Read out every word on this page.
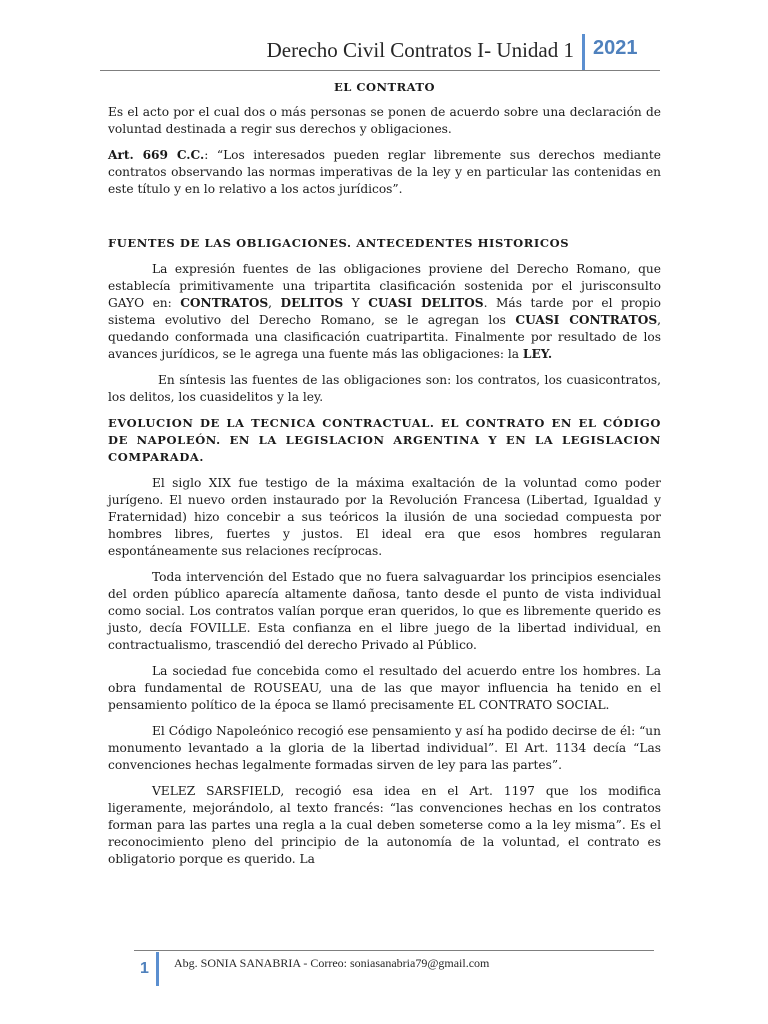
Derecho Civil Contratos I- Unidad 1 2021
EL CONTRATO

Es el acto por el cual dos o más personas se ponen de acuerdo sobre una declaración de voluntad destinada a regir sus derechos y obligaciones.

Art. 669 C.C.: “Los interesados pueden reglar libremente sus derechos mediante contratos observando las normas imperativas de la ley y en particular las contenidas en este título y en lo relativo a los actos jurídicos”.

FUENTES DE LAS OBLIGACIONES. ANTECEDENTES HISTORICOS

La expresión fuentes de las obligaciones proviene del Derecho Romano, que establecía primitivamente una tripartita clasificación sostenida por el jurisconsulto GAYO en: CONTRATOS, DELITOS Y CUASI DELITOS. Más tarde por el propio sistema evolutivo del Derecho Romano, se le agregan los CUASI CONTRATOS, quedando conformada una clasificación cuatripartita. Finalmente por resultado de los avances jurídicos, se le agrega una fuente más las obligaciones: la LEY.

En síntesis las fuentes de las obligaciones son: los contratos, los cuasicontratos, los delitos, los cuasidelitos y la ley.

EVOLUCION DE LA TECNICA CONTRACTUAL. EL CONTRATO EN EL CÓDIGO DE NAPOLEÓN. EN LA LEGISLACION ARGENTINA Y EN LA LEGISLACION COMPARADA.

El siglo XIX fue testigo de la máxima exaltación de la voluntad como poder jurígeno. El nuevo orden instaurado por la Revolución Francesa (Libertad, Igualdad y Fraternidad) hizo concebir a sus teóricos la ilusión de una sociedad compuesta por hombres libres, fuertes y justos. El ideal era que esos hombres regularan espontáneamente sus relaciones recíprocas.

Toda intervención del Estado que no fuera salvaguardar los principios esenciales del orden público aparecía altamente dañosa, tanto desde el punto de vista individual como social. Los contratos valían porque eran queridos, lo que es libremente querido es justo, decía FOVILLE. Esta confianza en el libre juego de la libertad individual, en contractualismo, trascendió del derecho Privado al Público.

La sociedad fue concebida como el resultado del acuerdo entre los hombres. La obra fundamental de ROUSEAU, una de las que mayor influencia ha tenido en el pensamiento político de la época se llamó precisamente EL CONTRATO SOCIAL.

El Código Napoleónico recogió ese pensamiento y así ha podido decirse de él: “un monumento levantado a la gloria de la libertad individual”. El Art. 1134 decía “Las convenciones hechas legalmente formadas sirven de ley para las partes”.

VELEZ SARSFIELD, recogió esa idea en el Art. 1197 que los modifica ligeramente, mejorándolo, al texto francés: “las convenciones hechas en los contratos forman para las partes una regla a la cual deben someterse como a la ley misma”. Es el reconocimiento pleno del principio de la autonomía de la voluntad, el contrato es obligatorio porque es querido. La

1 Abg. SONIA SANABRIA - Correo: soniasanabria79@gmail.com
